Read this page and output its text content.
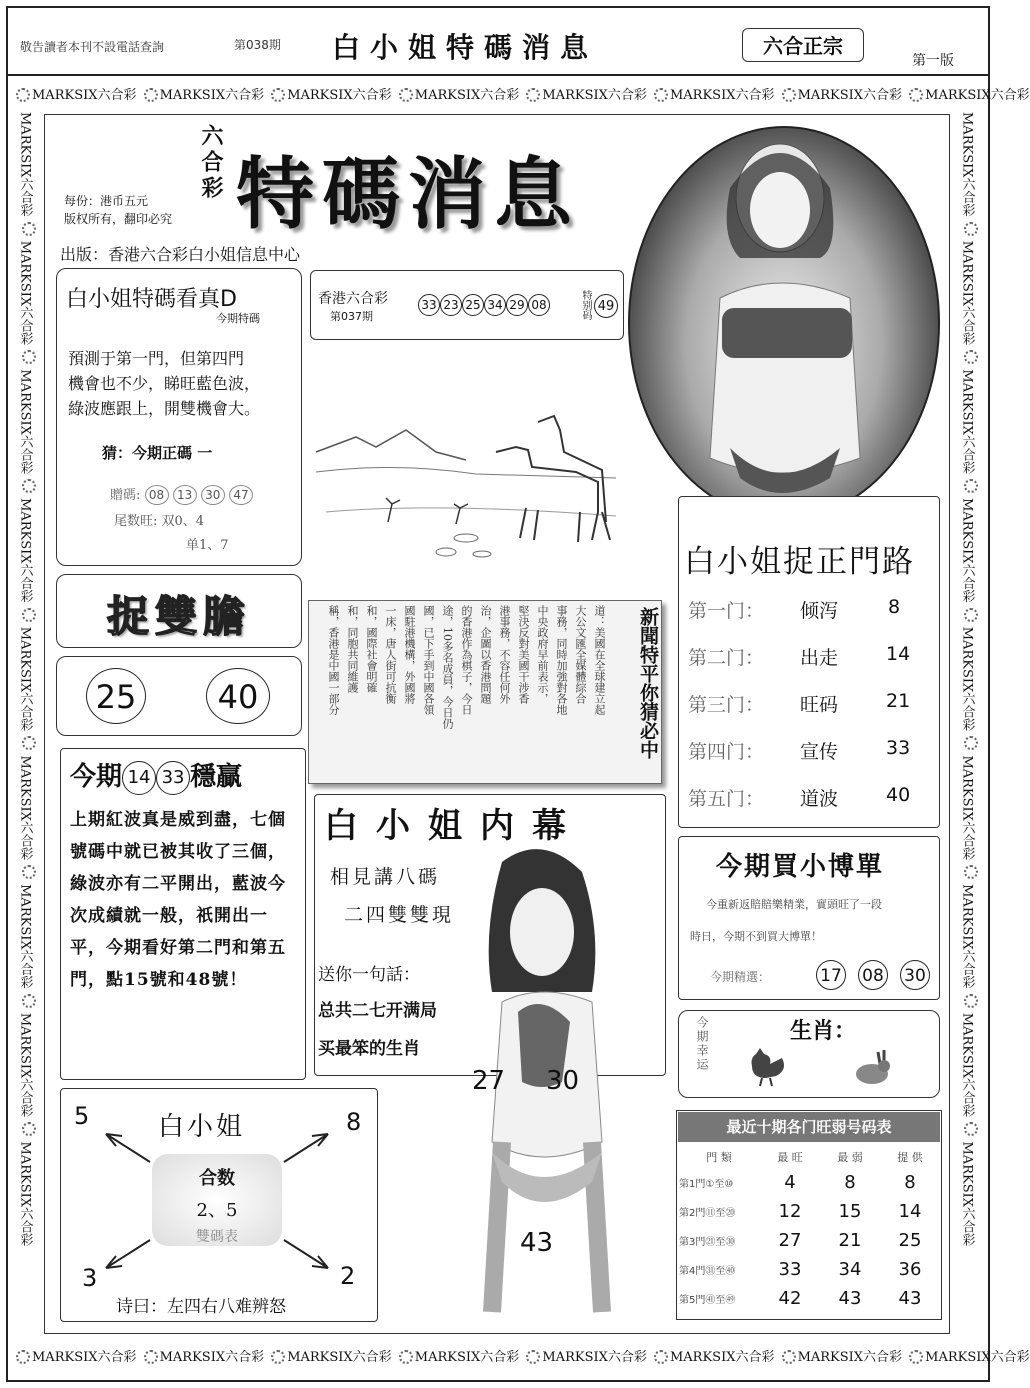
敬告讀者本刊不設電話查詢	第038期 白小姐特碼消息	六合正宗
第一版
MARKSIX六合彩 MARKSIX六合彩 MARKSIX六合彩 MARKSIX六合彩 MARKSIX六合彩 MARKSIX六合彩 MARKSIX六合彩 MARKSIX六合彩
MARKSIX六合彩 MARKSIX六合彩 MARKSIX六合彩 MARKSIX六合彩 MARKSIX六合彩 MARKSIX六合彩 MARKSIX六合彩 MARKSIX六合彩
MARKSIX六合彩  MARKSIX六合彩  MARKSIX六合彩  MARKSIX六合彩  MARKSIX六合彩  MARKSIX六合彩  MARKSIX六合彩  MARKSIX六合彩  MARKSIX六合彩
MARKSIX六合彩  MARKSIX六合彩  MARKSIX六合彩  MARKSIX六合彩  MARKSIX六合彩  MARKSIX六合彩  MARKSIX六合彩  MARKSIX六合彩  MARKSIX六合彩
六合彩 特碼消息
每份：港币五元
版权所有，翻印必究
出版：香港六合彩白小姐信息中心
白小姐特碼看真D
今期特碼
預測于第一門，但第四門
機會也不少，睇旺藍色波，
綠波應跟上，開雙機會大。
猜：今期正碼 一
贈碼: 08 13 30 47
尾数旺: 双0、4
单1、7
香港六合彩
第037期
33 23 25 34 29 08	特别码 49
捉雙膽
25	40	道：美國在全球建立起
大公文匯全媒體綜合
事務，同時加強對各地
中央政府早前表示，
堅決反對美國干涉香
港事務，不容任何外
治，企圖以香港問題
的香港作為棋子，今日
途，10多名成員，今日仍
國，已下手到中國各領
國駐港機構，外國將
一床，唐人街可抗衡
和，國際社會明確
和，同胞共同維護
稱，香港是中國一部分	新聞特平你猜必中
今期 14 33 穩贏
上期紅波真是威到盡，七個號碼中就已被其收了三個，綠波亦有二平開出，藍波今次成績就一般，祇開出一平，今期看好第二門和第五門，點15號和48號！
5	8
3	2
白小姐
合数
2、5
雙碼表
诗曰：左四右八难辨怒
白小姐内幕
相見講八碼
二四雙雙現
送你一句話：
总共二七开满局
买最笨的生肖
27 30
43
白小姐捉正門路
第一门： 倾泻	8
第二门： 出走	14
第三门： 旺码	21
第四门： 宣传	33
第五门： 道波	40
今期買小博單
今重新返賠賠樂精業，實頭旺了一段
時日，今期不到買大博單！
今期精選：	17 08 30
今期幸运	生肖：
最近十期各门旺弱号码表
門 類	最 旺	最 弱	提 供
第1門①至⑩	4	8	8
第2門⑪至⑳	12	15	14
第3門㉑至㉚	27	21	25
第4門㉛至㊵	33	34	36
第5門㊶至㊾	42	43	43
